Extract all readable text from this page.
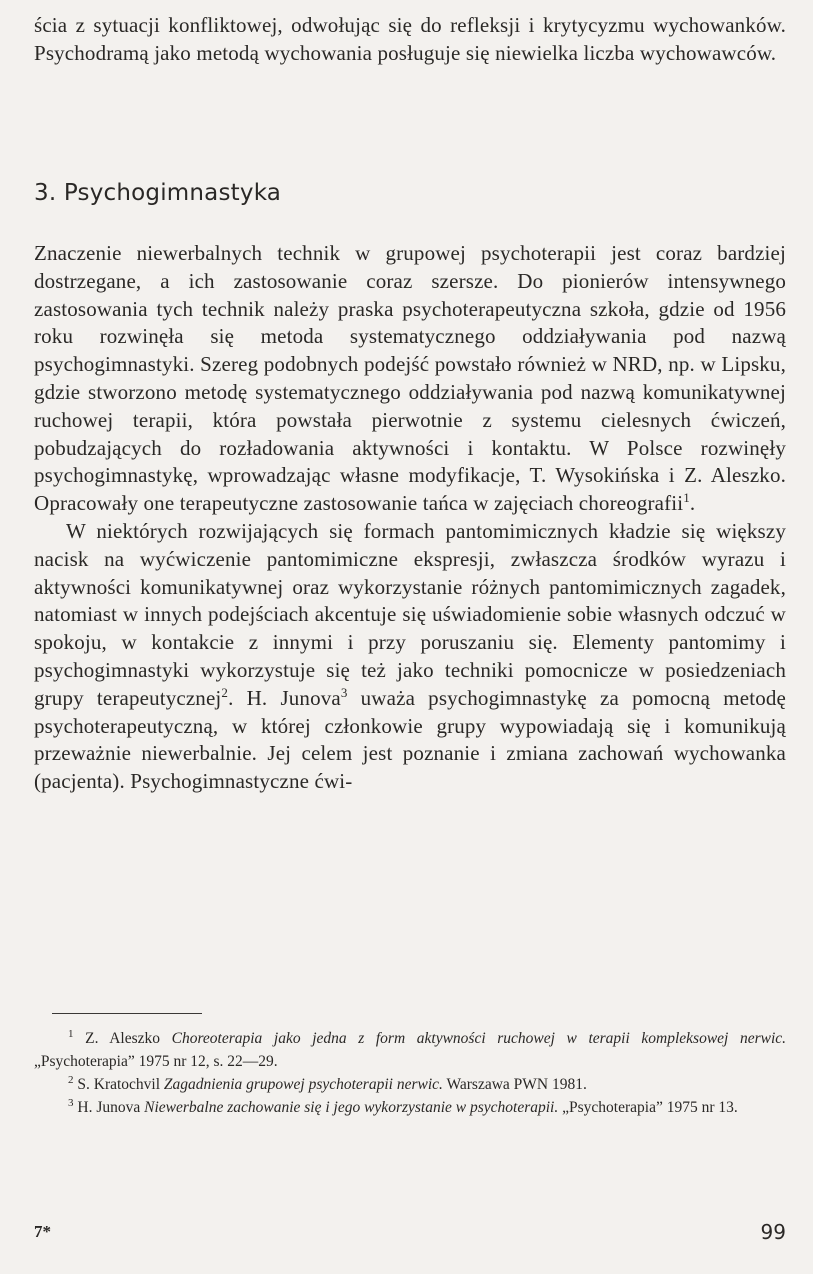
ścia z sytuacji konfliktowej, odwołując się do refleksji i krytycyzmu wychowanków. Psychodramą jako metodą wychowania posługuje się niewielka liczba wychowawców.

3. Psychogimnastyka

Znaczenie niewerbalnych technik w grupowej psychoterapii jest coraz bardziej dostrzegane, a ich zastosowanie coraz szersze. Do pionierów intensywnego zastosowania tych technik należy praska psychoterapeutyczna szkoła, gdzie od 1956 roku rozwinęła się metoda systematycznego oddziaływania pod nazwą psychogimnastyki. Szereg podobnych podejść powstało również w NRD, np. w Lipsku, gdzie stworzono metodę systematycznego oddziaływania pod nazwą komunikatywnej ruchowej terapii, która powstała pierwotnie z systemu cielesnych ćwiczeń, pobudzających do rozładowania aktywności i kontaktu. W Polsce rozwinęły psychogimnastykę, wprowadzając własne modyfikacje, T. Wysokińska i Z. Aleszko. Opracowały one terapeutyczne zastosowanie tańca w zajęciach choreografii$^1$.

W niektórych rozwijających się formach pantomimicznych kładzie się większy nacisk na wyćwiczenie pantomimiczne ekspresji, zwłaszcza środków wyrazu i aktywności komunikatywnej oraz wykorzystanie różnych pantomimicznych zagadek, natomiast w innych podejściach akcentuje się uświadomienie sobie własnych odczuć w spokoju, w kontakcie z innymi i przy poruszaniu się. Elementy pantomimy i psychogimnastyki wykorzystuje się też jako techniki pomocnicze w posiedzeniach grupy terapeutycznej$^2$. H. Junova$^3$ uważa psychogimnastykę za pomocną metodę psychoterapeutyczną, w której członkowie grupy wypowiadają się i komunikują przeważnie niewerbalnie. Jej celem jest poznanie i zmiana zachowań wychowanka (pacjenta). Psychogimnastyczne ćwi-

$^1$ Z. Aleszko Choreoterapia jako jedna z form aktywności ruchowej w terapii kompleksowej nerwic. „Psychoterapia” 1975 nr 12, s. 22—29.

$^2$ S. Kratochvil Zagadnienia grupowej psychoterapii nerwic. Warszawa PWN 1981.

$^3$ H. Junova Niewerbalne zachowanie się i jego wykorzystanie w psychoterapii. „Psychoterapia” 1975 nr 13.

7*	99
